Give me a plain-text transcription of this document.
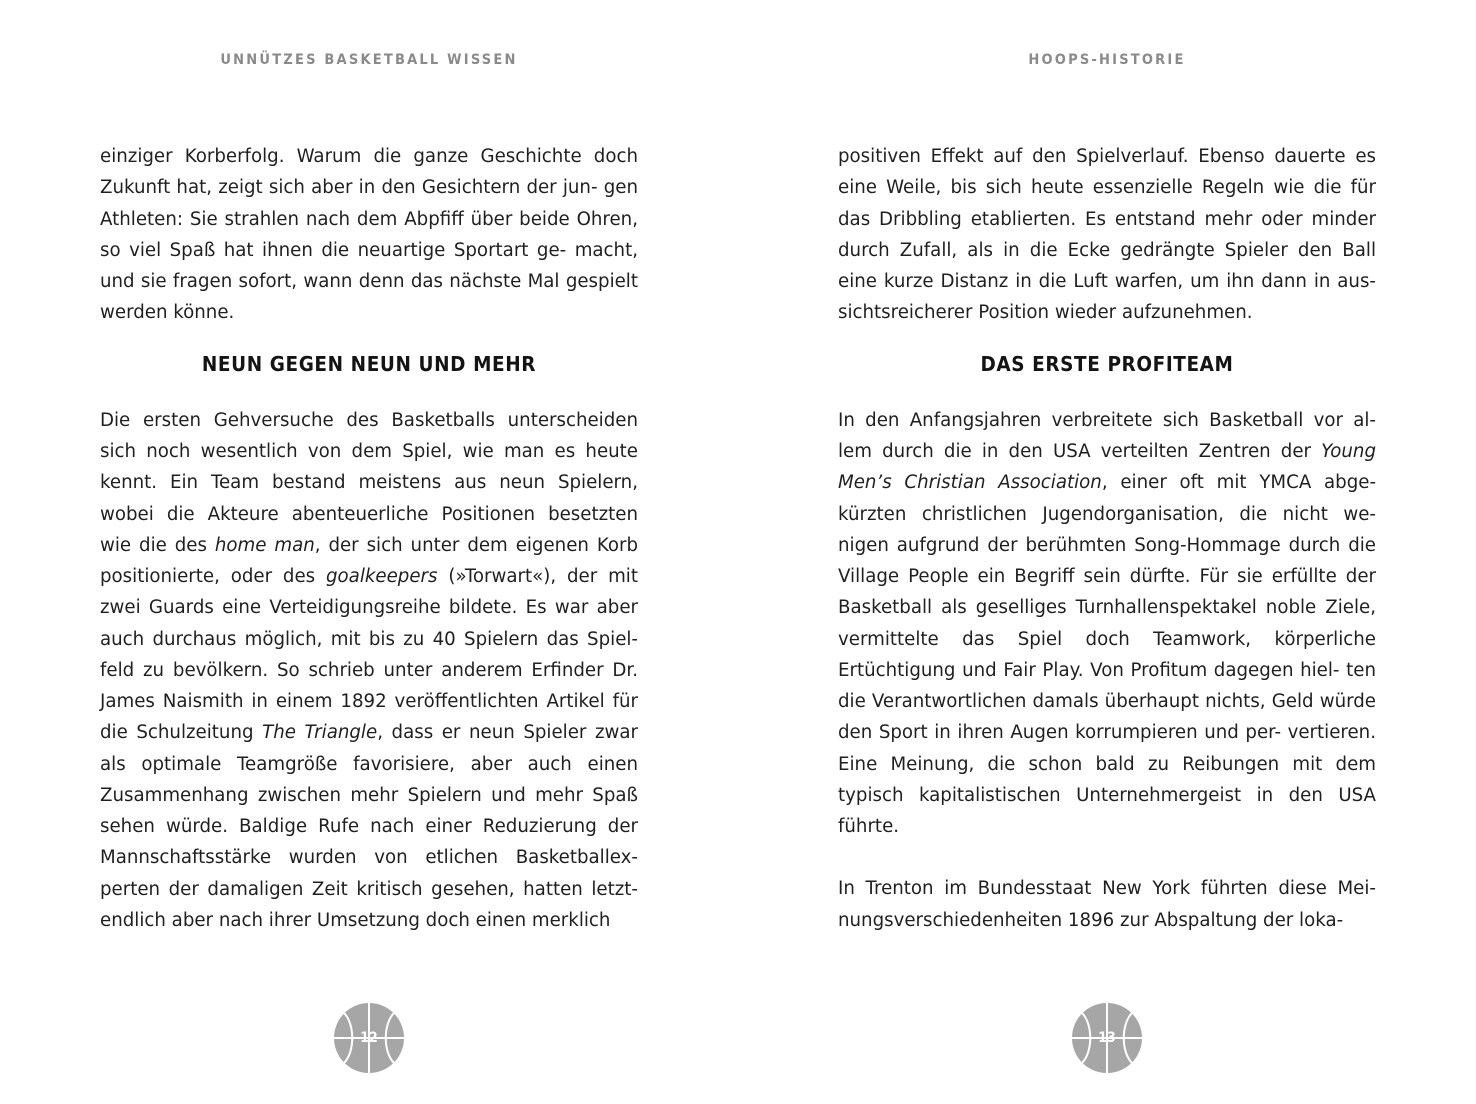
UNNÜTZES BASKETBALL WISSEN

einziger Korberfolg. Warum die ganze Geschichte doch Zukunft hat, zeigt sich aber in den Gesichtern der jun- gen Athleten: Sie strahlen nach dem Abpfiff über beide Ohren, so viel Spaß hat ihnen die neuartige Sportart ge- macht, und sie fragen sofort, wann denn das nächste Mal gespielt werden könne.

NEUN GEGEN NEUN UND MEHR

Die ersten Gehversuche des Basketballs unterscheiden sich noch wesentlich von dem Spiel, wie man es heute kennt. Ein Team bestand meistens aus neun Spielern, wobei die Akteure abenteuerliche Positionen besetzten wie die des home man, der sich unter dem eigenen Korb positionierte, oder des goalkeepers (»Torwart«), der mit zwei Guards eine Verteidigungsreihe bildete. Es war aber auch durchaus möglich, mit bis zu 40 Spielern das Spiel- feld zu bevölkern. So schrieb unter anderem Erfinder Dr. James Naismith in einem 1892 veröffentlichten Artikel für die Schulzeitung The Triangle, dass er neun Spieler zwar als optimale Teamgröße favorisiere, aber auch einen Zusammenhang zwischen mehr Spielern und mehr Spaß sehen würde. Baldige Rufe nach einer Reduzierung der Mannschaftsstärke wurden von etlichen Basketballex- perten der damaligen Zeit kritisch gesehen, hatten letzt- endlich aber nach ihrer Umsetzung doch einen merklich

12
HOOPS-HISTORIE

positiven Effekt auf den Spielverlauf. Ebenso dauerte es eine Weile, bis sich heute essenzielle Regeln wie die für das Dribbling etablierten. Es entstand mehr oder minder durch Zufall, als in die Ecke gedrängte Spieler den Ball eine kurze Distanz in die Luft warfen, um ihn dann in aus- sichtsreicherer Position wieder aufzunehmen.

DAS ERSTE PROFITEAM

In den Anfangsjahren verbreitete sich Basketball vor al- lem durch die in den USA verteilten Zentren der Young Men’s Christian Association, einer oft mit YMCA abge- kürzten christlichen Jugendorganisation, die nicht we- nigen aufgrund der berühmten Song-Hommage durch die Village People ein Begriff sein dürfte. Für sie erfüllte der Basketball als geselliges Turnhallenspektakel noble Ziele, vermittelte das Spiel doch Teamwork, körperliche Ertüchtigung und Fair Play. Von Profitum dagegen hiel- ten die Verantwortlichen damals überhaupt nichts, Geld würde den Sport in ihren Augen korrumpieren und per- vertieren. Eine Meinung, die schon bald zu Reibungen mit dem typisch kapitalistischen Unternehmergeist in den USA führte.

In Trenton im Bundesstaat New York führten diese Mei- nungsverschiedenheiten 1896 zur Abspaltung der loka-

13
